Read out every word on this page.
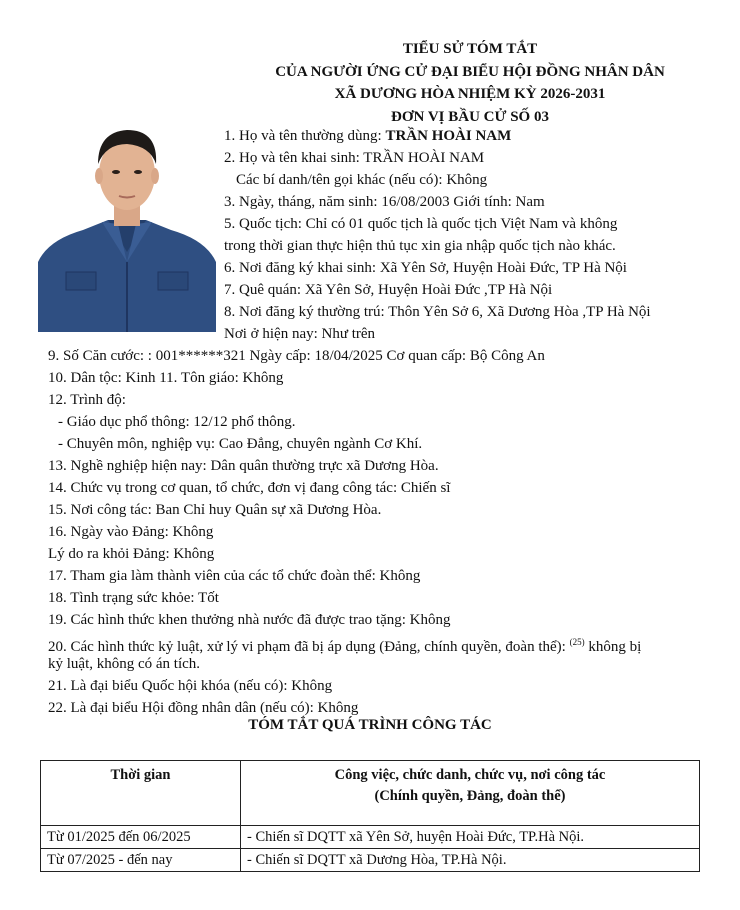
TIỂU SỬ TÓM TẮT
CỦA NGƯỜI ỨNG CỬ ĐẠI BIỂU HỘI ĐỒNG NHÂN DÂN
XÃ DƯƠNG HÒA NHIỆM KỲ 2026-2031
ĐƠN VỊ BẦU CỬ SỐ 03
1. Họ và tên thường dùng: TRẦN HOÀI NAM
2. Họ và tên khai sinh: TRẦN HOÀI NAM
Các bí danh/tên gọi khác (nếu có): Không
3. Ngày, tháng, năm sinh: 16/08/2003 Giới tính: Nam
5. Quốc tịch: Chỉ có 01 quốc tịch là quốc tịch Việt Nam và không
trong thời gian thực hiện thủ tục xin gia nhập quốc tịch nào khác.
6. Nơi đăng ký khai sinh: Xã Yên Sở, Huyện Hoài Đức, TP Hà Nội
7. Quê quán: Xã Yên Sở, Huyện Hoài Đức ,TP Hà Nội
8. Nơi đăng ký thường trú: Thôn Yên Sở 6, Xã Dương Hòa ,TP Hà Nội
Nơi ở hiện nay: Như trên
9. Số Căn cước: : 001******321 Ngày cấp: 18/04/2025 Cơ quan cấp: Bộ Công An
10. Dân tộc: Kinh 11. Tôn giáo: Không
12. Trình độ:
- Giáo dục phổ thông: 12/12 phổ thông.
- Chuyên môn, nghiệp vụ: Cao Đẳng, chuyên ngành Cơ Khí.
13. Nghề nghiệp hiện nay: Dân quân thường trực xã Dương Hòa.
14. Chức vụ trong cơ quan, tổ chức, đơn vị đang công tác: Chiến sĩ
15. Nơi công tác: Ban Chỉ huy Quân sự xã Dương Hòa.
16. Ngày vào Đảng: Không
Lý do ra khỏi Đảng: Không
17. Tham gia làm thành viên của các tổ chức đoàn thể: Không
18. Tình trạng sức khỏe: Tốt
19. Các hình thức khen thưởng nhà nước đã được trao tặng: Không
20. Các hình thức kỷ luật, xử lý vi phạm đã bị áp dụng (Đảng, chính quyền, đoàn thể): $^{(25)}$ không bị
kỷ luật, không có án tích.
21. Là đại biểu Quốc hội khóa (nếu có): Không
22. Là đại biểu Hội đồng nhân dân (nếu có): Không
TÓM TẮT QUÁ TRÌNH CÔNG TÁC
Thời gian	Công việc, chức danh, chức vụ, nơi công tác
(Chính quyền, Đảng, đoàn thể)

Từ 01/2025 đến 06/2025	- Chiến sĩ DQTT xã Yên Sở, huyện Hoài Đức, TP.Hà Nội.
Từ 07/2025 - đến nay	- Chiến sĩ DQTT xã Dương Hòa, TP.Hà Nội.
